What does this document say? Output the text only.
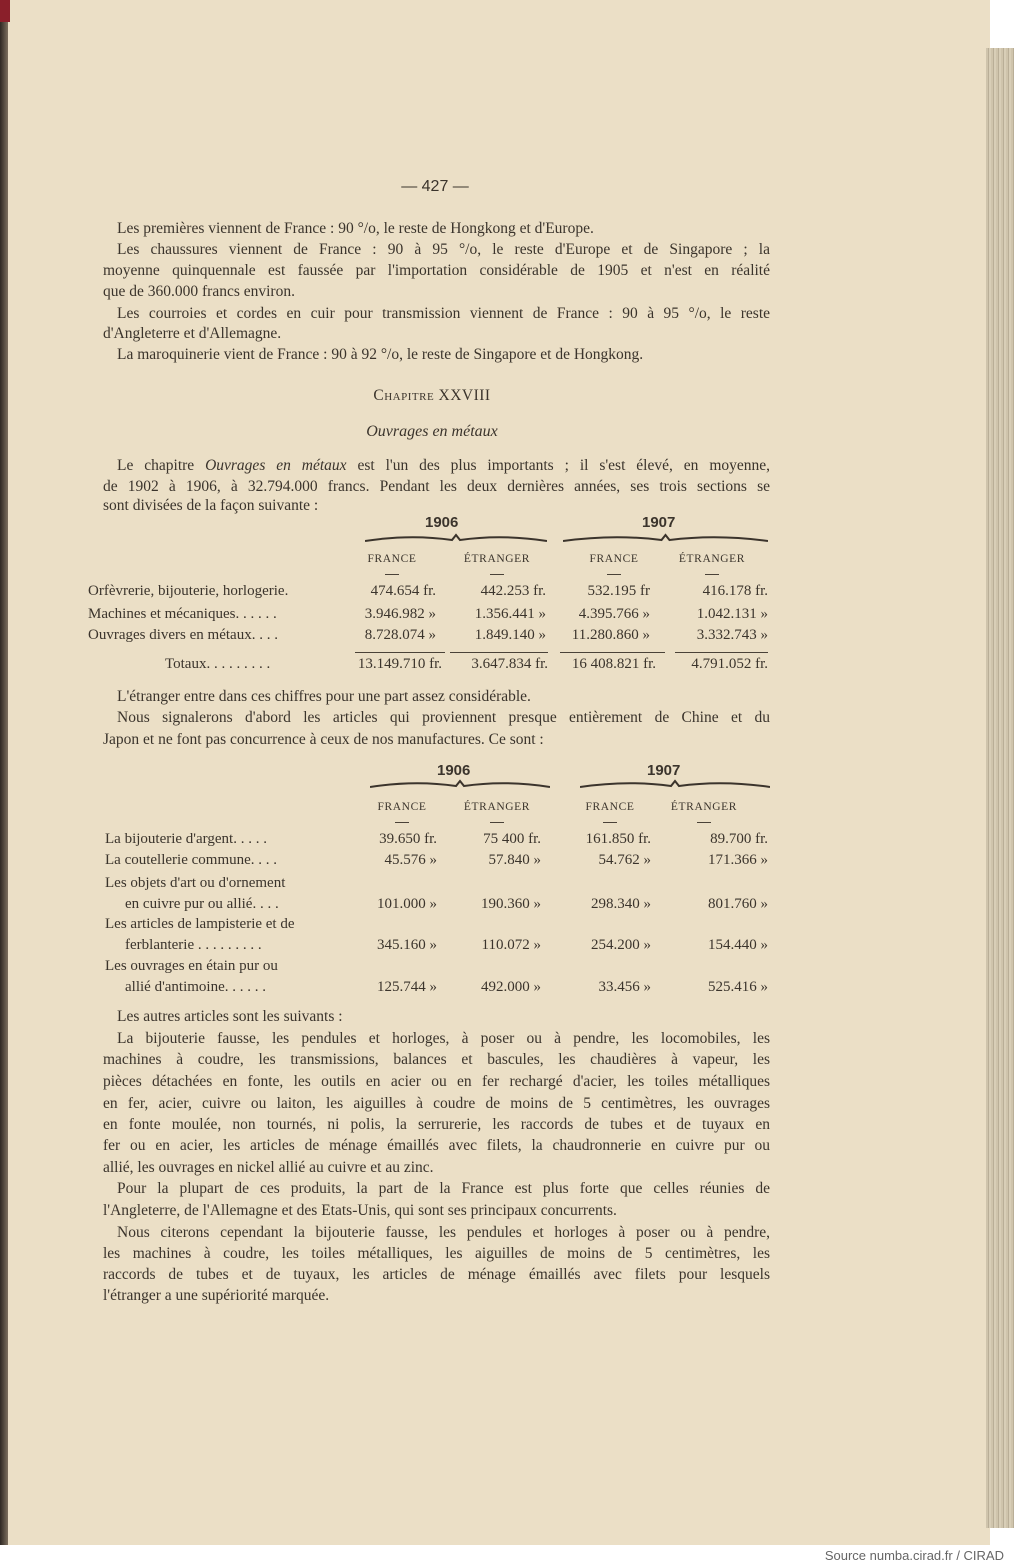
— 427 —
Chapitre XXVIII
Ouvrages en métaux
Les premières viennent de France : 90 °/o, le reste de Hongkong et d'Europe.
Les chaussures viennent de France : 90 à 95 °/o, le reste d'Europe et de Singapore ; la
moyenne quinquennale est faussée par l'importation considérable de 1905 et n'est en réalité
que de 360.000 francs environ.
Les courroies et cordes en cuir pour transmission viennent de France : 90 à 95 °/o, le reste
d'Angleterre et d'Allemagne.
La maroquinerie vient de France : 90 à 92 °/o, le reste de Singapore et de Hongkong.
Le chapitre Ouvrages en métaux est l'un des plus importants ; il s'est élevé, en moyenne,
de 1902 à 1906, à 32.794.000 francs. Pendant les deux dernières années, ses trois sections se
sont divisées de la façon suivante :
1906	1907
FRANCE	ÉTRANGER	FRANCE	ÉTRANGER
Orfèvrerie, bijouterie, horlogerie.	474.654 fr.	442.253 fr.	532.195 fr	416.178 fr.
Machines et mécaniques. . . . . .	3.946.982 »	1.356.441 »	4.395.766 »	1.042.131 »
Ouvrages divers en métaux. . . .	8.728.074 »	1.849.140 »	11.280.860 »	3.332.743 »
Totaux. . . . . . . . .	13.149.710 fr.	3.647.834 fr.	16 408.821 fr.	4.791.052 fr.
L'étranger entre dans ces chiffres pour une part assez considérable.
Nous signalerons d'abord les articles qui proviennent presque entièrement de Chine et du
Japon et ne font pas concurrence à ceux de nos manufactures. Ce sont :
1906	1907
FRANCE	ÉTRANGER	FRANCE	ÉTRANGER
La bijouterie d'argent. . . . .	39.650 fr.	75 400 fr.	161.850 fr.	89.700 fr.
La coutellerie commune. . . .	45.576 »	57.840 »	54.762 »	171.366 »
Les objets d'art ou d'ornement
en cuivre pur ou allié. . . .	101.000 »	190.360 »	298.340 »	801.760 »
Les articles de lampisterie et de
ferblanterie . . . . . . . . .	345.160 »	110.072 »	254.200 »	154.440 »
Les ouvrages en étain pur ou
allié d'antimoine. . . . . .	125.744 »	492.000 »	33.456 »	525.416 »
Les autres articles sont les suivants :
La bijouterie fausse, les pendules et horloges, à poser ou à pendre, les locomobiles, les
machines à coudre, les transmissions, balances et bascules, les chaudières à vapeur, les
pièces détachées en fonte, les outils en acier ou en fer rechargé d'acier, les toiles métalliques
en fer, acier, cuivre ou laiton, les aiguilles à coudre de moins de 5 centimètres, les ouvrages
en fonte moulée, non tournés, ni polis, la serrurerie, les raccords de tubes et de tuyaux en
fer ou en acier, les articles de ménage émaillés avec filets, la chaudronnerie en cuivre pur ou
allié, les ouvrages en nickel allié au cuivre et au zinc.
Pour la plupart de ces produits, la part de la France est plus forte que celles réunies de
l'Angleterre, de l'Allemagne et des Etats-Unis, qui sont ses principaux concurrents.
Nous citerons cependant la bijouterie fausse, les pendules et horloges à poser ou à pendre,
les machines à coudre, les toiles métalliques, les aiguilles de moins de 5 centimètres, les
raccords de tubes et de tuyaux, les articles de ménage émaillés avec filets pour lesquels
l'étranger a une supériorité marquée.
Source numba.cirad.fr / CIRAD
